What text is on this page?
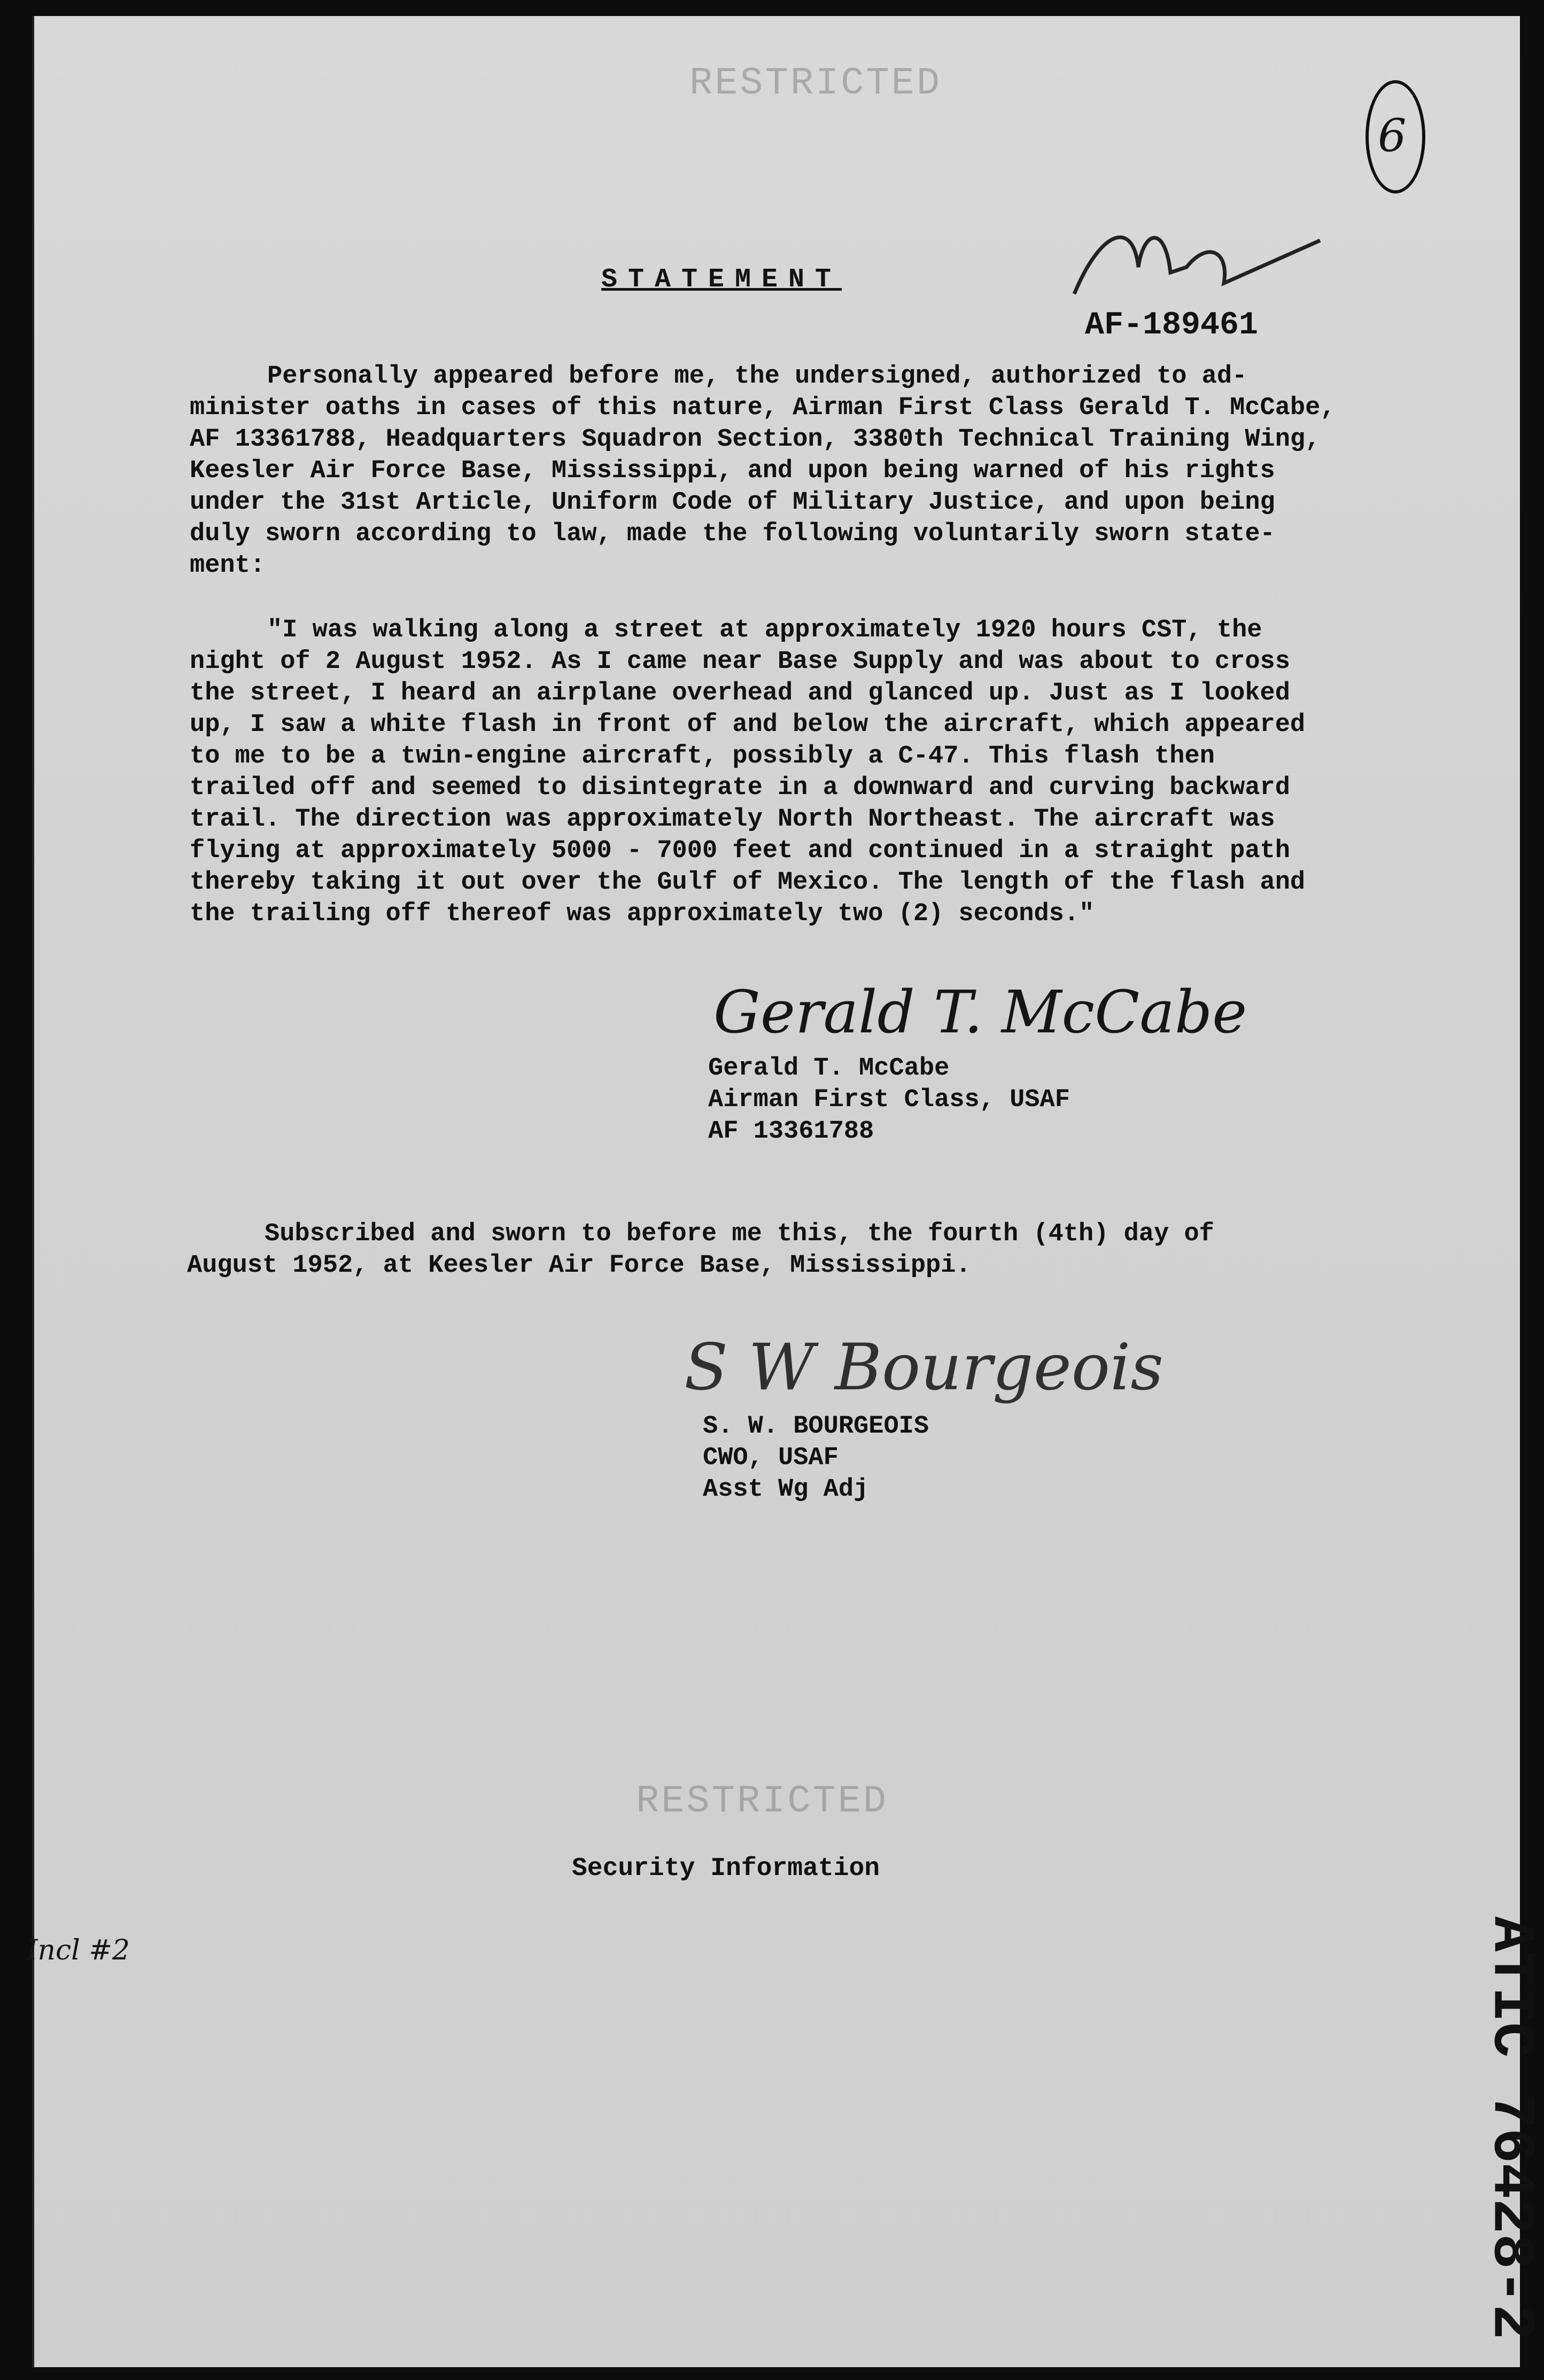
RESTRICTED
6
AF-189461
STATEMENT
Personally appeared before me, the undersigned, authorized to ad-
minister oaths in cases of this nature, Airman First Class Gerald T. McCabe,
AF 13361788, Headquarters Squadron Section, 3380th Technical Training Wing,
Keesler Air Force Base, Mississippi, and upon being warned of his rights
under the 31st Article, Uniform Code of Military Justice, and upon being
duly sworn according to law, made the following voluntarily sworn state-
ment:
"I was walking along a street at approximately 1920 hours CST, the
night of 2 August 1952. As I came near Base Supply and was about to cross
the street, I heard an airplane overhead and glanced up. Just as I looked
up, I saw a white flash in front of and below the aircraft, which appeared
to me to be a twin-engine aircraft, possibly a C-47. This flash then
trailed off and seemed to disintegrate in a downward and curving backward
trail. The direction was approximately North Northeast. The aircraft was
flying at approximately 5000 - 7000 feet and continued in a straight path
thereby taking it out over the Gulf of Mexico. The length of the flash and
the trailing off thereof was approximately two (2) seconds."
Gerald T. McCabe
Gerald T. McCabe
Airman First Class, USAF
AF 13361788
Subscribed and sworn to before me this, the fourth (4th) day of
August 1952, at Keesler Air Force Base, Mississippi.
S W Bourgeois
S. W. BOURGEOIS
CWO, USAF
Asst Wg Adj
RESTRICTED
Security Information
Incl #2	ATIC 76428-2
